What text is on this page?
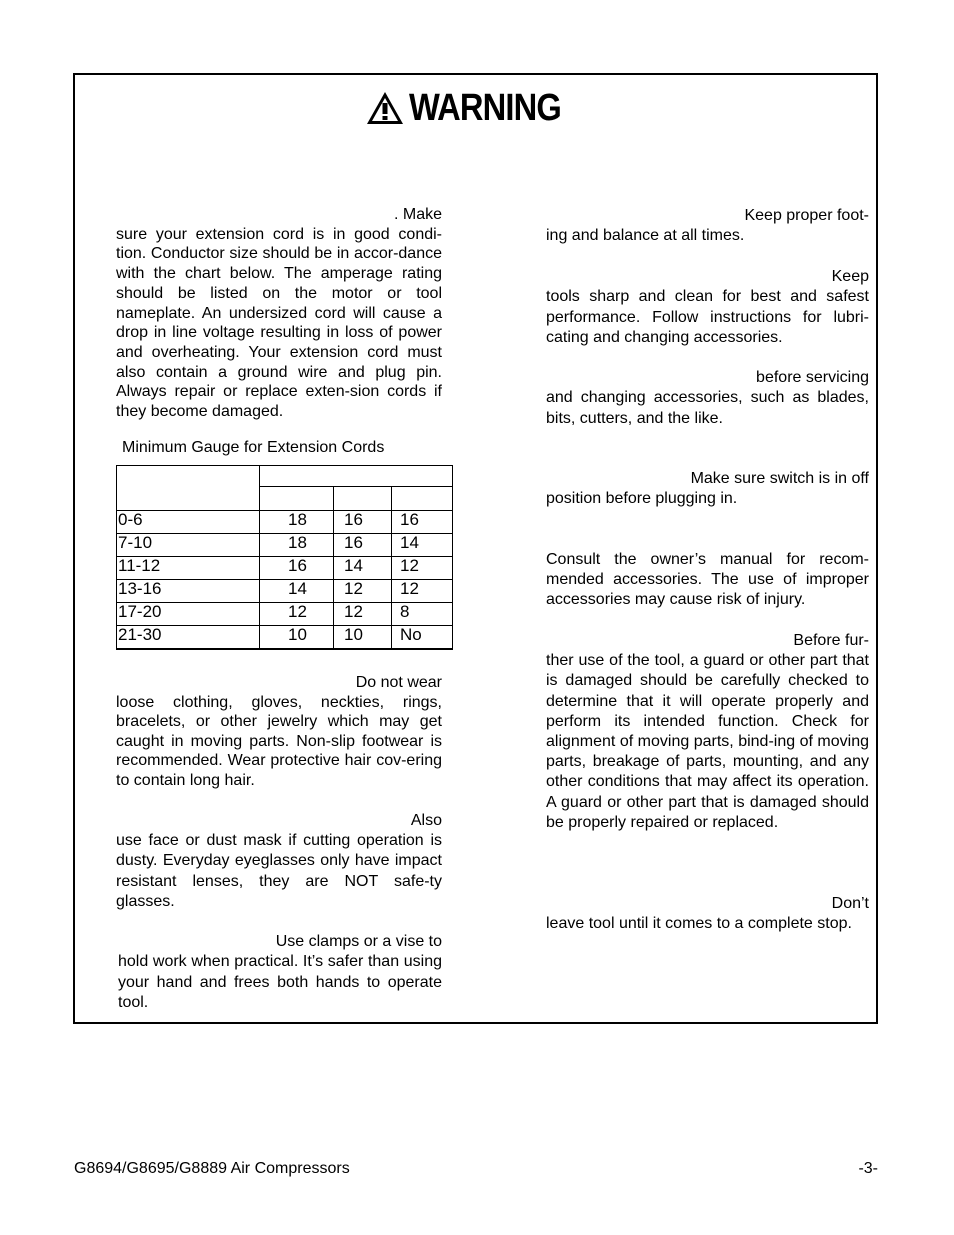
WARNING

. Make

sure your extension cord is in good condi-tion. Conductor size should be in accor-dance with the chart below. The amperage rating should be listed on the motor or tool nameplate. An undersized cord will cause a drop in line voltage resulting in loss of power and overheating. Your extension cord must also contain a ground wire and plug pin. Always repair or replace exten-sion cords if they become damaged.

Minimum Gauge for Extension Cords
0-6	18 16 16
7-10	18 16 14
11-12	16 14 12
13-16	14 12 12
17-20	12 12 8
21-30	10 10 No

Do not wear

loose clothing, gloves, neckties, rings, bracelets, or other jewelry which may get caught in moving parts. Non-slip footwear is recommended. Wear protective hair cov-ering to contain long hair.

Also

use face or dust mask if cutting operation is dusty. Everyday eyeglasses only have impact resistant lenses, they are NOT safe-ty glasses.

Use clamps or a vise to

hold work when practical. It’s safer than using your hand and frees both hands to operate tool.

Keep proper foot-

ing and balance at all times.

Keep

tools sharp and clean for best and safest performance. Follow instructions for lubri-cating and changing accessories.

before servicing

and changing accessories, such as blades, bits, cutters, and the like.

Make sure switch is in off

position before plugging in.

Consult the owner’s manual for recom-mended accessories. The use of improper accessories may cause risk of injury.

Before fur-

ther use of the tool, a guard or other part that is damaged should be carefully checked to determine that it will operate properly and perform its intended function. Check for alignment of moving parts, bind-ing of moving parts, breakage of parts, mounting, and any other conditions that may affect its operation. A guard or other part that is damaged should be properly repaired or replaced.

Don’t

leave tool until it comes to a complete stop.

G8694/G8695/G8889 Air Compressors	-3-
